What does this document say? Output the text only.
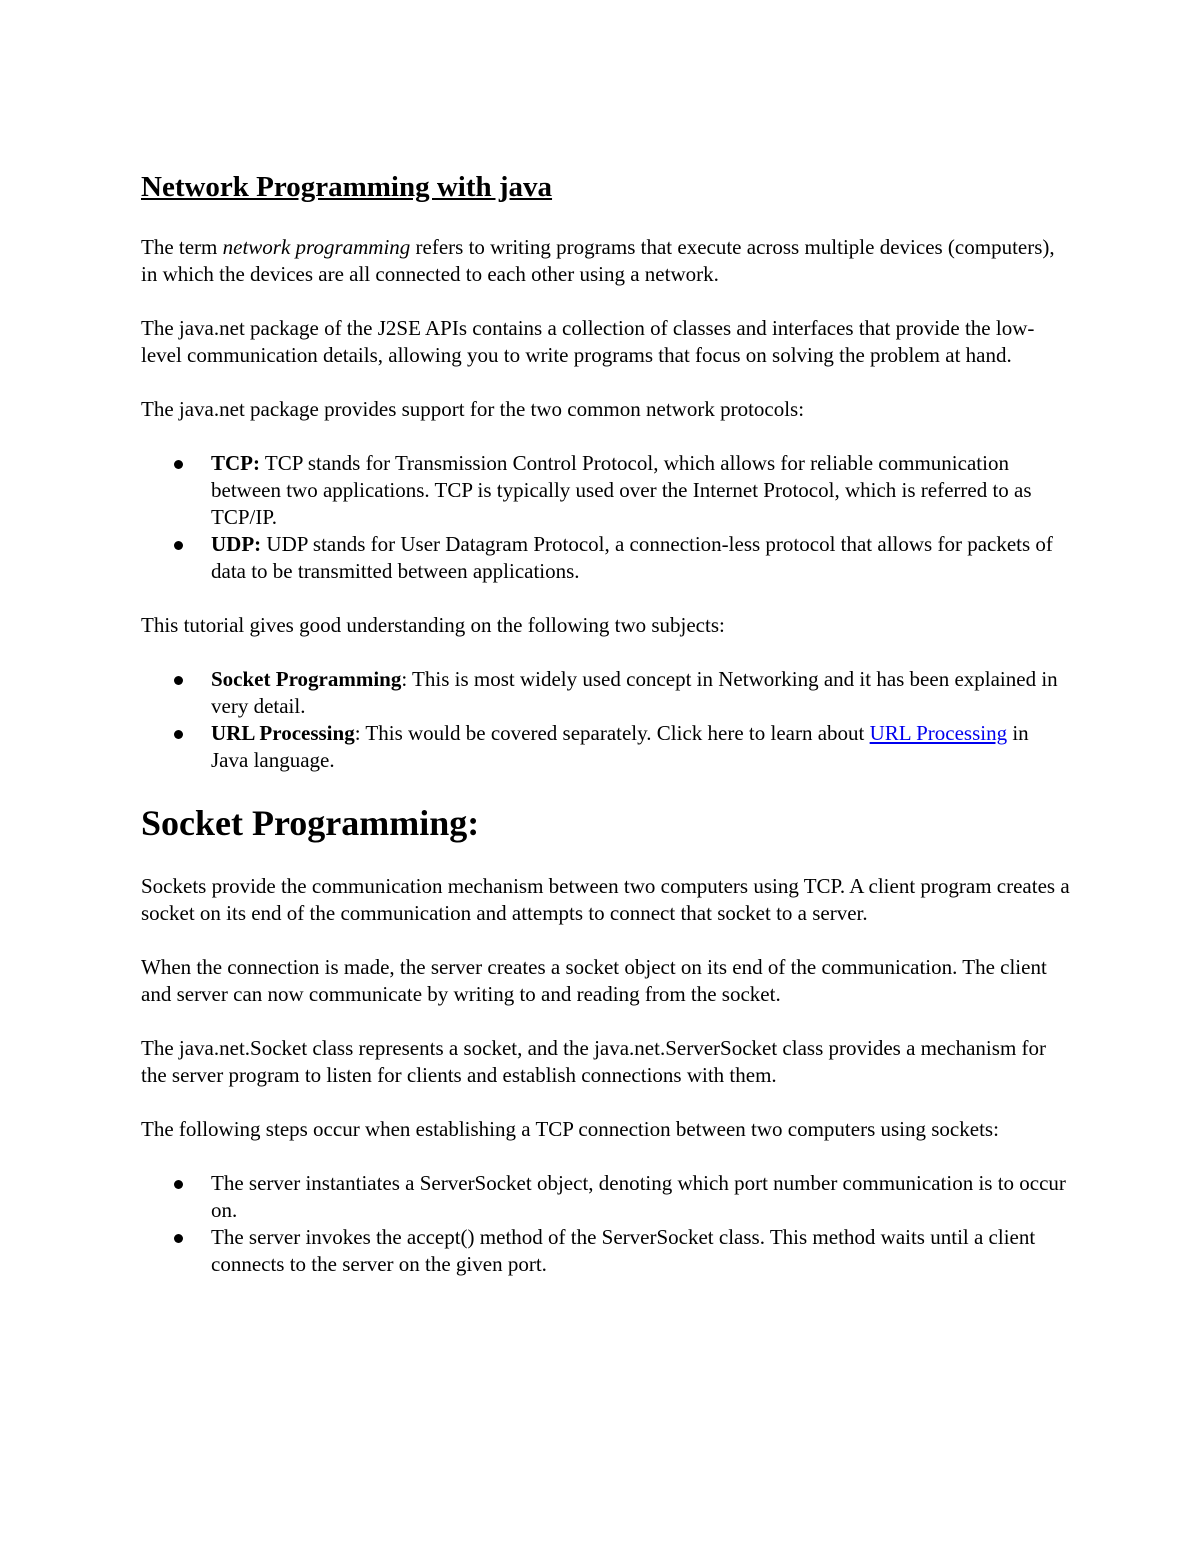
Network Programming with java

The term network programming refers to writing programs that execute across multiple devices (computers), in which the devices are all connected to each other using a network.

The java.net package of the J2SE APIs contains a collection of classes and interfaces that provide the low-level communication details, allowing you to write programs that focus on solving the problem at hand.

The java.net package provides support for the two common network protocols:

TCP: TCP stands for Transmission Control Protocol, which allows for reliable communication between two applications. TCP is typically used over the Internet Protocol, which is referred to as TCP/IP.
UDP: UDP stands for User Datagram Protocol, a connection-less protocol that allows for packets of data to be transmitted between applications.

This tutorial gives good understanding on the following two subjects:

Socket Programming: This is most widely used concept in Networking and it has been explained in very detail.
URL Processing: This would be covered separately. Click here to learn about URL Processing in Java language.
Socket Programming:

Sockets provide the communication mechanism between two computers using TCP. A client program creates a socket on its end of the communication and attempts to connect that socket to a server.

When the connection is made, the server creates a socket object on its end of the communication. The client and server can now communicate by writing to and reading from the socket.

The java.net.Socket class represents a socket, and the java.net.ServerSocket class provides a mechanism for the server program to listen for clients and establish connections with them.

The following steps occur when establishing a TCP connection between two computers using sockets:

The server instantiates a ServerSocket object, denoting which port number communication is to occur on.
The server invokes the accept() method of the ServerSocket class. This method waits until a client connects to the server on the given port.
